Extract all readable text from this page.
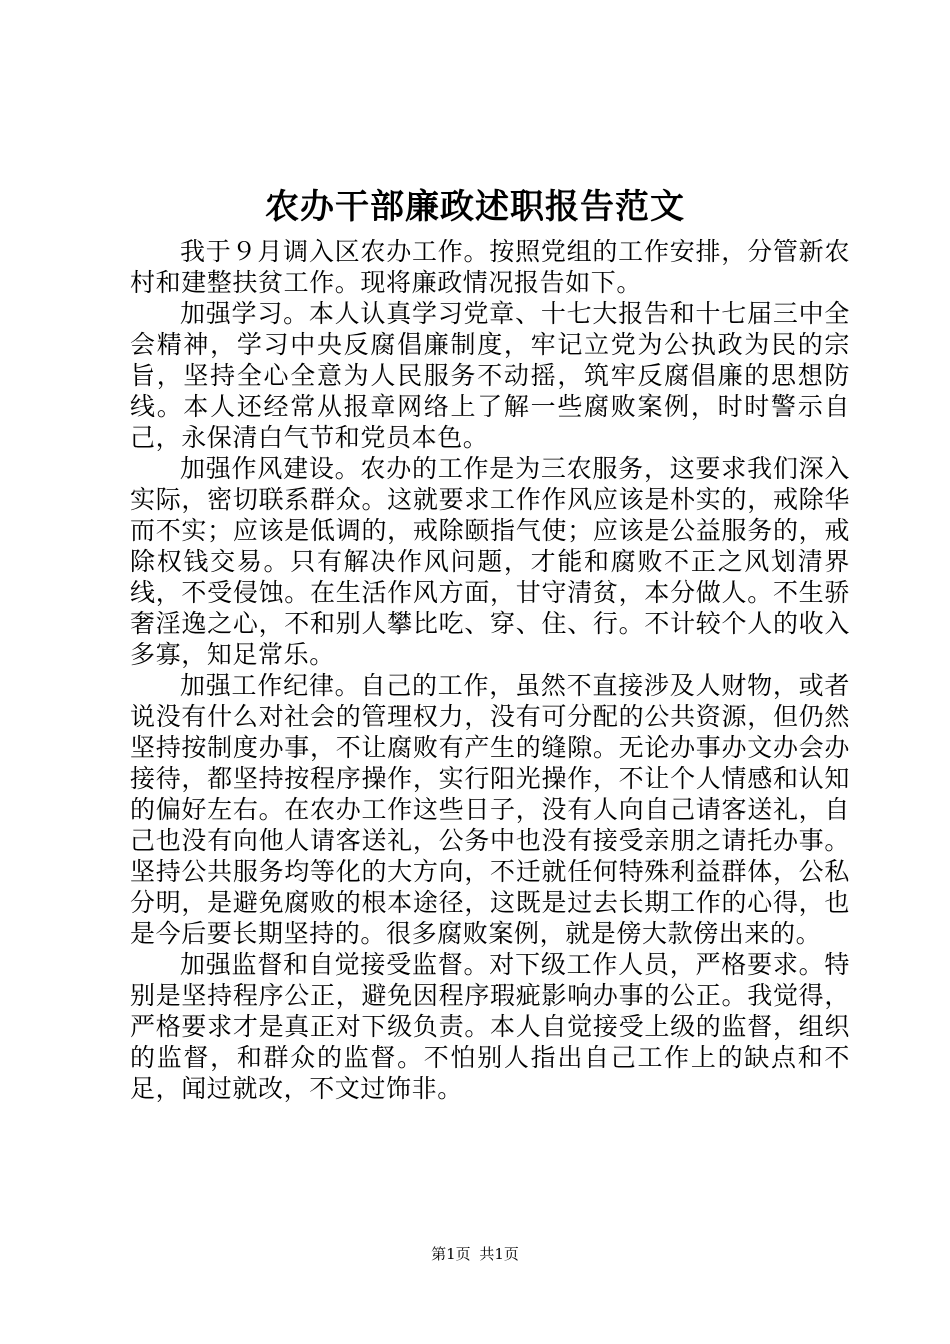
农办干部廉政述职报告范文

我于９月调入区农办工作。按照党组的工作安排，分管新农村和建整扶贫工作。现将廉政情况报告如下。

加强学习。本人认真学习党章、十七大报告和十七届三中全会精神，学习中央反腐倡廉制度，牢记立党为公执政为民的宗旨，坚持全心全意为人民服务不动摇，筑牢反腐倡廉的思想防线。本人还经常从报章网络上了解一些腐败案例，时时警示自己，永保清白气节和党员本色。

加强作风建设。农办的工作是为三农服务，这要求我们深入实际，密切联系群众。这就要求工作作风应该是朴实的，戒除华而不实；应该是低调的，戒除颐指气使；应该是公益服务的，戒除权钱交易。只有解决作风问题，才能和腐败不正之风划清界线，不受侵蚀。在生活作风方面，甘守清贫，本分做人。不生骄奢淫逸之心，不和别人攀比吃、穿、住、行。不计较个人的收入多寡，知足常乐。

加强工作纪律。自己的工作，虽然不直接涉及人财物，或者说没有什么对社会的管理权力，没有可分配的公共资源，但仍然坚持按制度办事，不让腐败有产生的缝隙。无论办事办文办会办接待，都坚持按程序操作，实行阳光操作，不让个人情感和认知的偏好左右。在农办工作这些日子，没有人向自己请客送礼，自己也没有向他人请客送礼，公务中也没有接受亲朋之请托办事。坚持公共服务均等化的大方向，不迁就任何特殊利益群体，公私分明，是避免腐败的根本途径，这既是过去长期工作的心得，也是今后要长期坚持的。很多腐败案例，就是傍大款傍出来的。

加强监督和自觉接受监督。对下级工作人员，严格要求。特别是坚持程序公正，避免因程序瑕疵影响办事的公正。我觉得，严格要求才是真正对下级负责。本人自觉接受上级的监督，组织的监督，和群众的监督。不怕别人指出自己工作上的缺点和不足，闻过就改，不文过饰非。

第1页 共1页
